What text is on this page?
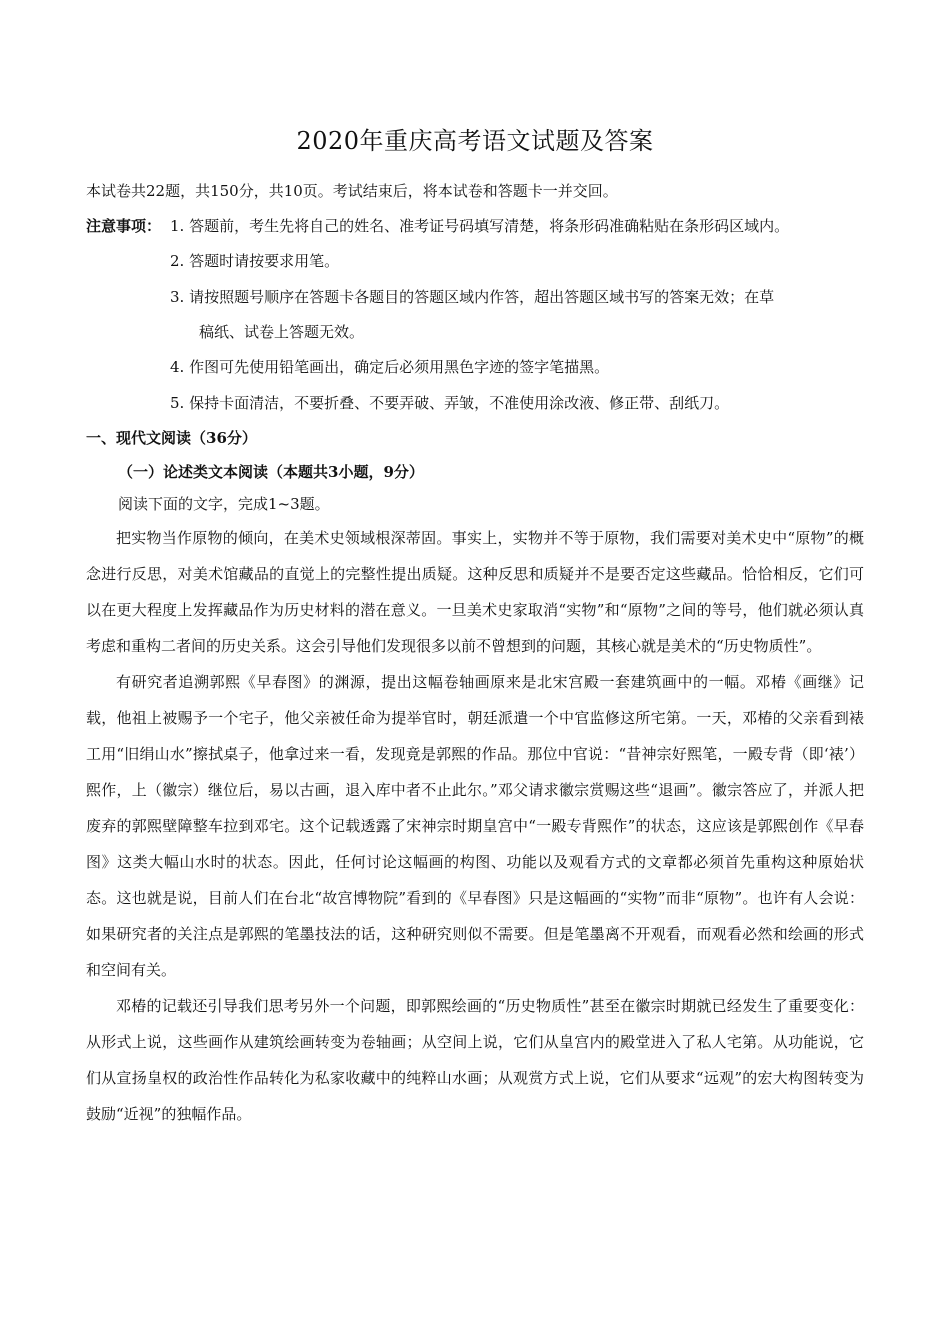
2020年重庆高考语文试题及答案
本试卷共22题，共150分，共10页。考试结束后，将本试卷和答题卡一并交回。
注意事项： 1. 答题前，考生先将自己的姓名、准考证号码填写清楚，将条形码准确粘贴在条形码区域内。
2. 答题时请按要求用笔。
3. 请按照题号顺序在答题卡各题目的答题区域内作答，超出答题区域书写的答案无效；在草
稿纸、试卷上答题无效。
4. 作图可先使用铅笔画出，确定后必须用黑色字迹的签字笔描黑。
5. 保持卡面清洁，不要折叠、不要弄破、弄皱，不准使用涂改液、修正带、刮纸刀。
一、现代文阅读（36分）
（一）论述类文本阅读（本题共3小题，9分）
阅读下面的文字，完成1~3题。

把实物当作原物的倾向，在美术史领域根深蒂固。事实上，实物并不等于原物，我们需要对美术史中“原物”的概念进行反思，对美术馆藏品的直觉上的完整性提出质疑。这种反思和质疑并不是要否定这些藏品。恰恰相反，它们可以在更大程度上发挥藏品作为历史材料的潜在意义。一旦美术史家取消“实物”和“原物”之间的等号，他们就必须认真考虑和重构二者间的历史关系。这会引导他们发现很多以前不曾想到的问题，其核心就是美术的“历史物质性”。

有研究者追溯郭熙《早春图》的渊源，提出这幅卷轴画原来是北宋宫殿一套建筑画中的一幅。邓椿《画继》记载，他祖上被赐予一个宅子，他父亲被任命为提举官时，朝廷派遣一个中官监修这所宅第。一天，邓椿的父亲看到裱工用“旧绢山水”擦拭桌子，他拿过来一看，发现竟是郭熙的作品。那位中官说：“昔神宗好熙笔，一殿专背（即‘裱’）熙作，上（徽宗）继位后，易以古画，退入库中者不止此尔。”邓父请求徽宗赏赐这些“退画”。徽宗答应了，并派人把废弃的郭熙壁障整车拉到邓宅。这个记载透露了宋神宗时期皇宫中“一殿专背熙作”的状态，这应该是郭熙创作《早春图》这类大幅山水时的状态。因此，任何讨论这幅画的构图、功能以及观看方式的文章都必须首先重构这种原始状态。这也就是说，目前人们在台北“故宫博物院”看到的《早春图》只是这幅画的“实物”而非“原物”。也许有人会说：如果研究者的关注点是郭熙的笔墨技法的话，这种研究则似不需要。但是笔墨离不开观看，而观看必然和绘画的形式和空间有关。

邓椿的记载还引导我们思考另外一个问题，即郭熙绘画的“历史物质性”甚至在徽宗时期就已经发生了重要变化：从形式上说，这些画作从建筑绘画转变为卷轴画；从空间上说，它们从皇宫内的殿堂进入了私人宅第。从功能说，它们从宣扬皇权的政治性作品转化为私家收藏中的纯粹山水画；从观赏方式上说，它们从要求“远观”的宏大构图转变为鼓励“近视”的独幅作品。
